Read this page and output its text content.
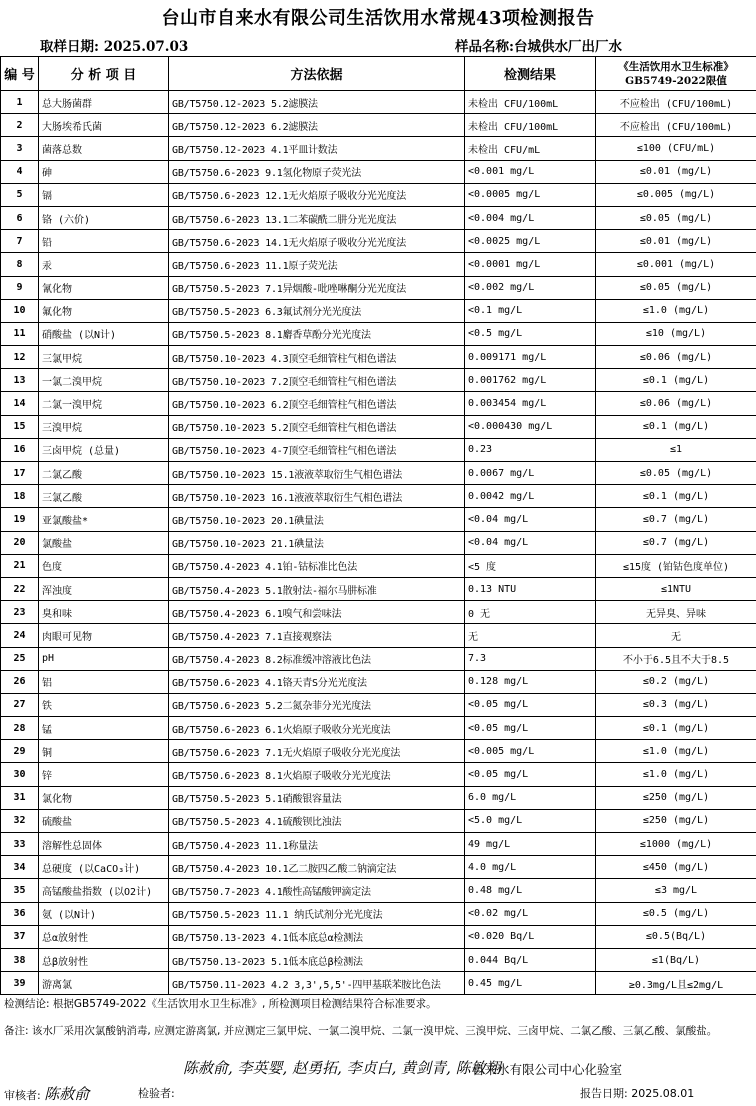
台山市自来水有限公司生活饮用水常规43项检测报告
取样日期: 2025.07.03	样品名称:台城供水厂出厂水
编 号	分 析 项 目	方法依据	检测结果	《生活饮用水卫生标准》
GB5749-2022限值

1	总大肠菌群	GB/T5750.12-2023 5.2滤膜法	未检出 CFU/100mL	不应检出 (CFU/100mL)
2	大肠埃希氏菌	GB/T5750.12-2023 6.2滤膜法	未检出 CFU/100mL	不应检出 (CFU/100mL)
3	菌落总数	GB/T5750.12-2023 4.1平皿计数法	未检出 CFU/mL	≤100 (CFU/mL)
4	砷	GB/T5750.6-2023 9.1氢化物原子荧光法	<0.001 mg/L	≤0.01 (mg/L)
5	镉	GB/T5750.6-2023 12.1无火焰原子吸收分光光度法	<0.0005 mg/L	≤0.005 (mg/L)
6	铬 (六价)	GB/T5750.6-2023 13.1二苯碳酰二肼分光光度法	<0.004 mg/L	≤0.05 (mg/L)
7	铅	GB/T5750.6-2023 14.1无火焰原子吸收分光光度法	<0.0025 mg/L	≤0.01 (mg/L)
8	汞	GB/T5750.6-2023 11.1原子荧光法	<0.0001 mg/L	≤0.001 (mg/L)
9	氰化物	GB/T5750.5-2023 7.1异烟酸-吡唑啉酮分光光度法	<0.002 mg/L	≤0.05 (mg/L)
10	氟化物	GB/T5750.5-2023 6.3氟试剂分光光度法	<0.1 mg/L	≤1.0 (mg/L)
11	硝酸盐 (以N计)	GB/T5750.5-2023 8.1麝香草酚分光光度法	<0.5 mg/L	≤10 (mg/L)
12	三氯甲烷	GB/T5750.10-2023 4.3顶空毛细管柱气相色谱法	0.009171 mg/L	≤0.06 (mg/L)
13	一氯二溴甲烷	GB/T5750.10-2023 7.2顶空毛细管柱气相色谱法	0.001762 mg/L	≤0.1 (mg/L)
14	二氯一溴甲烷	GB/T5750.10-2023 6.2顶空毛细管柱气相色谱法	0.003454 mg/L	≤0.06 (mg/L)
15	三溴甲烷	GB/T5750.10-2023 5.2顶空毛细管柱气相色谱法	<0.000430 mg/L	≤0.1 (mg/L)
16	三卤甲烷 (总量)	GB/T5750.10-2023 4-7顶空毛细管柱气相色谱法	0.23	≤1
17	二氯乙酸	GB/T5750.10-2023 15.1液液萃取衍生气相色谱法	0.0067 mg/L	≤0.05 (mg/L)
18	三氯乙酸	GB/T5750.10-2023 16.1液液萃取衍生气相色谱法	0.0042 mg/L	≤0.1 (mg/L)
19	亚氯酸盐*	GB/T5750.10-2023 20.1碘量法	<0.04 mg/L	≤0.7 (mg/L)
20	氯酸盐	GB/T5750.10-2023 21.1碘量法	<0.04 mg/L	≤0.7 (mg/L)
21	色度	GB/T5750.4-2023 4.1铂-钴标准比色法	<5 度	≤15度 (铂钴色度单位)
22	浑浊度	GB/T5750.4-2023 5.1散射法-福尔马肼标准	0.13 NTU	≤1NTU
23	臭和味	GB/T5750.4-2023 6.1嗅气和尝味法	0 无	无异臭、异味
24	肉眼可见物	GB/T5750.4-2023 7.1直接观察法	无	无
25	pH	GB/T5750.4-2023 8.2标准缓冲溶液比色法	7.3	不小于6.5且不大于8.5
26	铝	GB/T5750.6-2023 4.1铬天青S分光光度法	0.128 mg/L	≤0.2 (mg/L)
27	铁	GB/T5750.6-2023 5.2二氮杂菲分光光度法	<0.05 mg/L	≤0.3 (mg/L)
28	锰	GB/T5750.6-2023 6.1火焰原子吸收分光光度法	<0.05 mg/L	≤0.1 (mg/L)
29	铜	GB/T5750.6-2023 7.1无火焰原子吸收分光光度法	<0.005 mg/L	≤1.0 (mg/L)
30	锌	GB/T5750.6-2023 8.1火焰原子吸收分光光度法	<0.05 mg/L	≤1.0 (mg/L)
31	氯化物	GB/T5750.5-2023 5.1硝酸银容量法	6.0 mg/L	≤250 (mg/L)
32	硫酸盐	GB/T5750.5-2023 4.1硫酸钡比浊法	<5.0 mg/L	≤250 (mg/L)
33	溶解性总固体	GB/T5750.4-2023 11.1称量法	49 mg/L	≤1000 (mg/L)
34	总硬度 (以CaCO₃计)	GB/T5750.4-2023 10.1乙二胺四乙酸二钠滴定法	4.0 mg/L	≤450 (mg/L)
35	高锰酸盐指数 (以O2计)	GB/T5750.7-2023 4.1酸性高锰酸钾滴定法	0.48 mg/L	≤3 mg/L
36	氨 (以N计)	GB/T5750.5-2023 11.1 纳氏试剂分光光度法	<0.02 mg/L	≤0.5 (mg/L)
37	总α放射性	GB/T5750.13-2023 4.1低本底总α检测法	<0.020 Bq/L	≤0.5(Bq/L)
38	总β放射性	GB/T5750.13-2023 5.1低本底总β检测法	0.044 Bq/L	≤1(Bq/L)
39	游离氯	GB/T5750.11-2023 4.2 3,3',5,5'-四甲基联苯胺比色法	0.45 mg/L	≥0.3mg/L且≤2mg/L
检测结论: 根据GB5749-2022《生活饮用水卫生标准》, 所检测项目检测结果符合标准要求。
备注: 该水厂采用次氯酸钠消毒, 应测定游离氯, 并应测定三氯甲烷、一氯二溴甲烷、二氯一溴甲烷、三溴甲烷、三卤甲烷、二氯乙酸、三氯乙酸、氯酸盐。
陈赦俞, 李英婴, 赵勇拓, 李贞白, 黄剑青, 陈敏翔
自来水有限公司中心化验室
审核者: 陈赦俞	检验者:	报告日期: 2025.08.01
